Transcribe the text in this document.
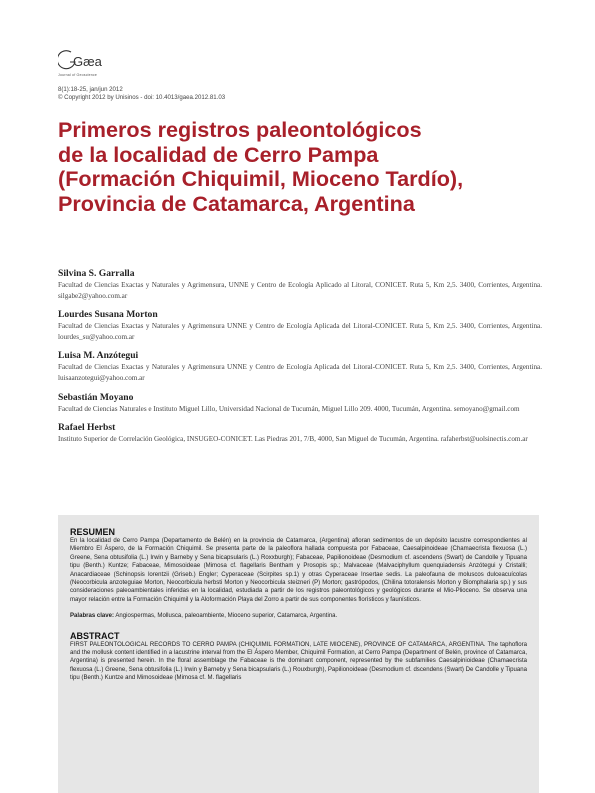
Gæa
Journal of Geoscience
8(1):18-25, jan/jun 2012
© Copyright 2012 by Unisinos - doi: 10.4013/gaea.2012.81.03
Primeros registros paleontológicos
de la localidad de Cerro Pampa
(Formación Chiquimil, Mioceno Tardío),
Provincia de Catamarca, Argentina
Silvina S. Garralla
Facultad de Ciencias Exactas y Naturales y Agrimensura, UNNE y Centro de Ecología Aplicado al Litoral, CONICET. Ruta 5, Km 2,5. 3400, Corrientes, Argentina. silgabe2@yahoo.com.ar
Lourdes Susana Morton
Facultad de Ciencias Exactas y Naturales y Agrimensura UNNE y Centro de Ecología Aplicada del Litoral-CONICET. Ruta 5, Km 2,5. 3400, Corrientes, Argentina. lourdes_su@yahoo.com.ar
Luisa M. Anzótegui
Facultad de Ciencias Exactas y Naturales y Agrimensura UNNE y Centro de Ecología Aplicada del Litoral-CONICET. Ruta 5, Km 2,5. 3400, Corrientes, Argentina. luisaanzotegui@yahoo.com.ar
Sebastián Moyano
Facultad de Ciencias Naturales e Instituto Miguel Lillo, Universidad Nacional de Tucumán, Miguel Lillo 209. 4000, Tucumán, Argentina. semoyano@gmail.com
Rafael Herbst
Instituto Superior de Correlación Geológica, INSUGEO-CONICET. Las Piedras 201, 7/B, 4000, San Miguel de Tucumán, Argentina. rafaherbst@uolsinectis.com.ar
RESUMEN
En la localidad de Cerro Pampa (Departamento de Belén) en la provincia de Catamarca, (Argentina) afloran sedimentos de un depósito lacustre correspondientes al Miembro El Áspero, de la Formación Chiquimil. Se presenta parte de la paleoflora hallada compuesta por Fabaceae, Caesalpinoideae (Chamaecrista flexuosa (L.) Greene, Sena obtusifolia (L.) Irwin y Barneby y Sena bicapsularis (L.) Roxxburgh); Fabaceae, Papilionoideae (Desmodium cf. ascendens (Swart) de Candolle y Tipuana tipu (Benth.) Kuntze; Fabaceae, Mimosoideae (Mimosa cf. flagellaris Bentham y Prosopis sp.; Malvaceae (Malvaciphyllum quenquiadensis Anzótegui y Cristalli; Anacardiaceae (Schinopsis lorentzii (Griseb.) Engler; Cyperaceae (Scirpites sp.1) y otras Cyperaceae Insertae sedis. La paleofauna de moluscos dulceacuícolas (Neocorbicula anzoteguiae Morton, Neocorbicula herbsti Morton y Neocorbicula steizneri (P) Morton; gastrópodos, (Chilina totoralensis Morton y Biomphalaria sp.) y sus consideraciones paleoambientales inferidas en la localidad, estudiada a partir de los registros paleontológicos y geológicos durante el Mio-Plioceno. Se observa una mayor relación entre la Formación Chiquimil y la Aloformación Playa del Zorro a partir de sus componentes florísticos y faunísticos.
Palabras clave: Angiospermas, Mollusca, paleoambiente, Mioceno superior, Catamarca, Argentina.
ABSTRACT
FIRST PALEONTOLOGICAL RECORDS TO CERRO PAMPA (CHIQUIMIL FORMATION, LATE MIOCENE), PROVINCE OF CATAMARCA, ARGENTINA. The taphoflora and the mollusk content identified in a lacustrine interval from the El Áspero Member, Chiquimil Formation, at Cerro Pampa (Department of Belén, province of Catamarca, Argentina) is presented herein. In the floral assemblage the Fabaceae is the dominant component, represented by the subfamilies Caesalpinioideae (Chamaecrista flexuosa (L.) Greene, Sena obtusifolia (L.) Irwin y Barneby y Sena bicapsularis (L.) Rouxburgh), Papilionoideae (Desmodium cf. dscendens (Swart) De Candolle y Tipuana tipu (Benth.) Kuntze and Mimosoideae (Mimosa cf. M. flagellaris
